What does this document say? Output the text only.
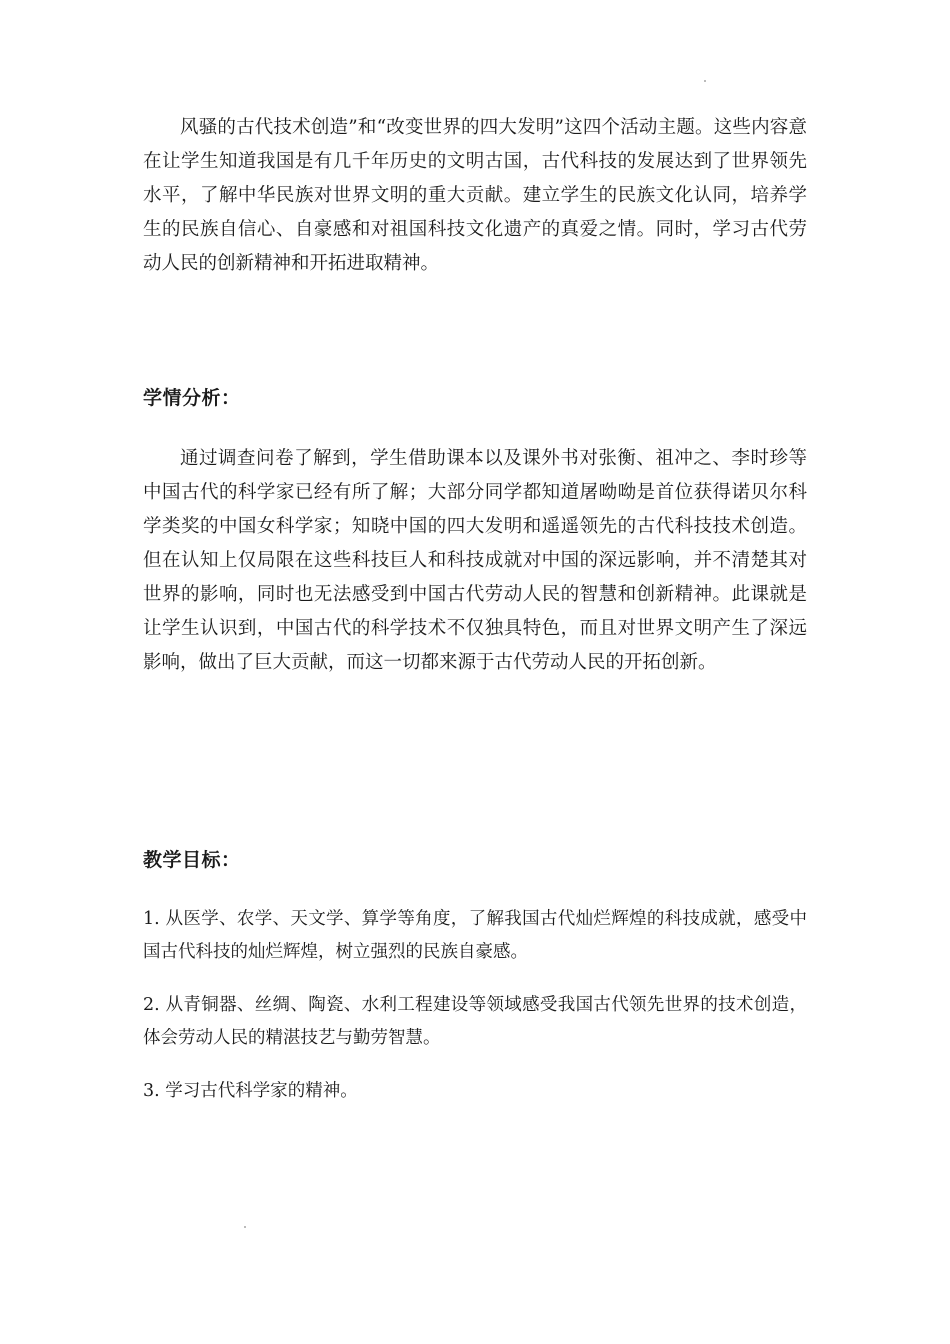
风骚的古代技术创造”和“改变世界的四大发明”这四个活动主题。这些内容意在让学生知道我国是有几千年历史的文明古国，古代科技的发展达到了世界领先水平，了解中华民族对世界文明的重大贡献。建立学生的民族文化认同，培养学生的民族自信心、自豪感和对祖国科技文化遗产的真爱之情。同时，学习古代劳动人民的创新精神和开拓进取精神。

学情分析：

通过调查问卷了解到，学生借助课本以及课外书对张衡、祖冲之、李时珍等中国古代的科学家已经有所了解；大部分同学都知道屠呦呦是首位获得诺贝尔科学类奖的中国女科学家；知晓中国的四大发明和遥遥领先的古代科技技术创造。但在认知上仅局限在这些科技巨人和科技成就对中国的深远影响，并不清楚其对世界的影响，同时也无法感受到中国古代劳动人民的智慧和创新精神。此课就是让学生认识到，中国古代的科学技术不仅独具特色，而且对世界文明产生了深远影响，做出了巨大贡献，而这一切都来源于古代劳动人民的开拓创新。

教学目标：

1. 从医学、农学、天文学、算学等角度，了解我国古代灿烂辉煌的科技成就，感受中国古代科技的灿烂辉煌，树立强烈的民族自豪感。

2. 从青铜器、丝绸、陶瓷、水利工程建设等领域感受我国古代领先世界的技术创造，体会劳动人民的精湛技艺与勤劳智慧。

3. 学习古代科学家的精神。
